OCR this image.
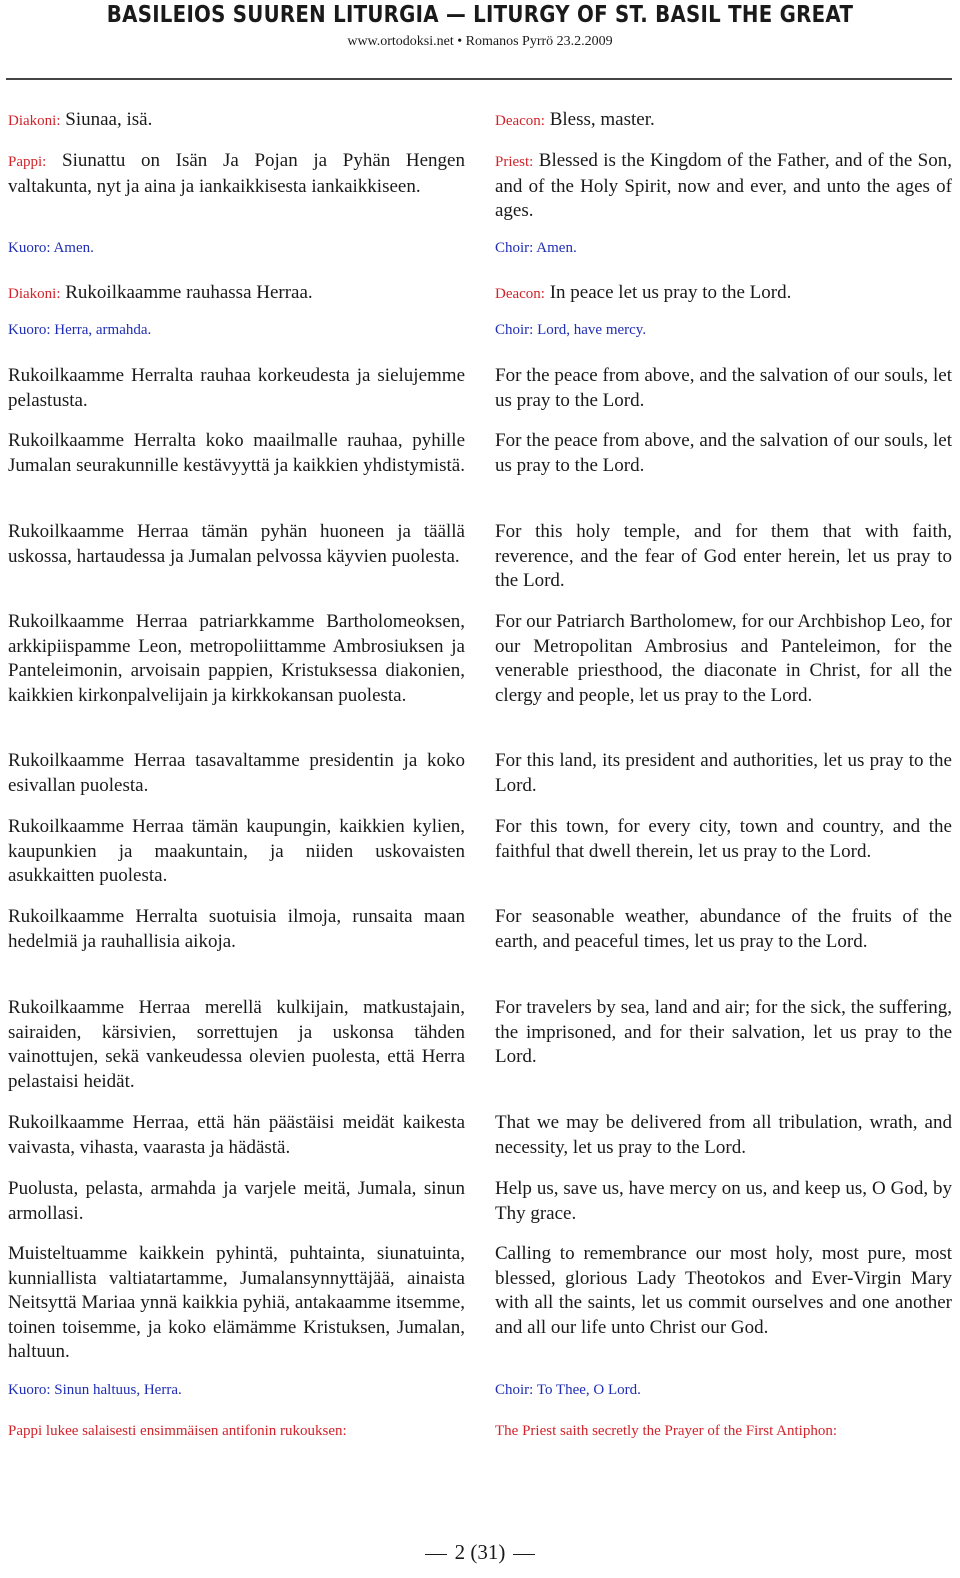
BASILEIOS SUUREN LITURGIA — LITURGY OF ST. BASIL THE GREAT
www.ortodoksi.net • Romanos Pyrrö 23.2.2009
Diakoni: Siunaa, isä.
Pappi: Siunattu on Isän Ja Pojan ja Pyhän Hengen valtakunta, nyt ja aina ja iankaikkisesta iankaikkiseen.
Kuoro: Amen.
Diakoni: Rukoilkaamme rauhassa Herraa.
Kuoro: Herra, armahda.
Rukoilkaamme Herralta rauhaa korkeudesta ja sielujemme pelastusta.
Rukoilkaamme Herralta koko maailmalle rauhaa, pyhille Jumalan seurakunnille kestävyyttä ja kaikkien yhdistymistä.
Rukoilkaamme Herraa tämän pyhän huoneen ja täällä uskossa, hartaudessa ja Jumalan pelvossa käyvien puolesta.
Rukoilkaamme Herraa patriarkkamme Bartholomeoksen, arkkipiispamme Leon, metropoliittamme Ambrosiuksen ja Panteleimonin, arvoisain pappien, Kristuksessa diakonien, kaikkien kirkonpalvelijain ja kirkkokansan puolesta.
Rukoilkaamme Herraa tasavaltamme presidentin ja koko esivallan puolesta.
Rukoilkaamme Herraa tämän kaupungin, kaikkien kylien, kaupunkien ja maakuntain, ja niiden uskovaisten asukkaitten puolesta.
Rukoilkaamme Herralta suotuisia ilmoja, runsaita maan hedelmiä ja rauhallisia aikoja.
Rukoilkaamme Herraa merellä kulkijain, matkustajain, sairaiden, kärsivien, sorrettujen ja uskonsa tähden vainottujen, sekä vankeudessa olevien puolesta, että Herra pelastaisi heidät.
Rukoilkaamme Herraa, että hän päästäisi meidät kaikesta vaivasta, vihasta, vaarasta ja hädästä.
Puolusta, pelasta, armahda ja varjele meitä, Jumala, sinun armollasi.
Muisteltuamme kaikkein pyhintä, puhtainta, siunatuinta, kunniallista valtiatartamme, Jumalansynnyttäjää, ainaista Neitsyttä Mariaa ynnä kaikkia pyhiä, antakaamme itsemme, toinen toisemme, ja koko elämämme Kristuksen, Jumalan, haltuun.
Kuoro: Sinun haltuus, Herra.
Pappi lukee salaisesti ensimmäisen antifonin rukouksen:
Deacon: Bless, master.
Priest: Blessed is the Kingdom of the Father, and of the Son, and of the Holy Spirit, now and ever, and unto the ages of ages.
Choir: Amen.
Deacon: In peace let us pray to the Lord.
Choir: Lord, have mercy.
For the peace from above, and the salvation of our souls, let us pray to the Lord.
For the peace from above, and the salvation of our souls, let us pray to the Lord.
For this holy temple, and for them that with faith, reverence, and the fear of God enter herein, let us pray to the Lord.
For our Patriarch Bartholomew, for our Archbishop Leo, for our Metropolitan Ambrosius and Panteleimon, for the venerable priesthood, the diaconate in Christ, for all the clergy and people, let us pray to the Lord.
For this land, its president and authorities, let us pray to the Lord.
For this town, for every city, town and country, and the faithful that dwell therein, let us pray to the Lord.
For seasonable weather, abundance of the fruits of the earth, and peaceful times, let us pray to the Lord.
For travelers by sea, land and air; for the sick, the suffering, the imprisoned, and for their salvation, let us pray to the Lord.
That we may be delivered from all tribulation, wrath, and necessity, let us pray to the Lord.
Help us, save us, have mercy on us, and keep us, O God, by Thy grace.
Calling to remembrance our most holy, most pure, most blessed, glorious Lady Theotokos and Ever-Virgin Mary with all the saints, let us commit ourselves and one another and all our life unto Christ our God.
Choir: To Thee, O Lord.
The Priest saith secretly the Prayer of the First Antiphon:
2 (31)
